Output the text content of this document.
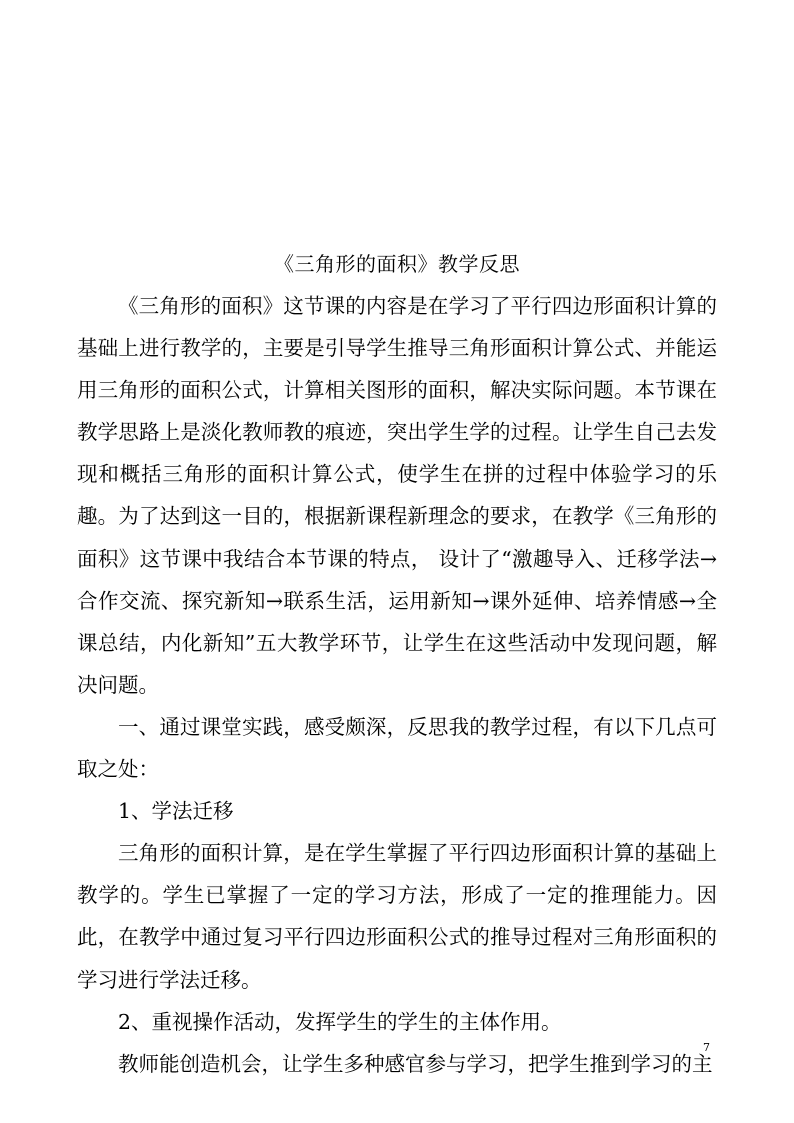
《三角形的面积》教学反思

《三角形的面积》这节课的内容是在学习了平行四边形面积计算的基础上进行教学的，主要是引导学生推导三角形面积计算公式、并能运用三角形的面积公式，计算相关图形的面积，解决实际问题。本节课在教学思路上是淡化教师教的痕迹，突出学生学的过程。让学生自己去发现和概括三角形的面积计算公式，使学生在拼的过程中体验学习的乐趣。为了达到这一目的，根据新课程新理念的要求，在教学《三角形的面积》这节课中我结合本节课的特点， 设计了“激趣导入、迁移学法→合作交流、探究新知→联系生活，运用新知→课外延伸、培养情感→全课总结，内化新知”五大教学环节，让学生在这些活动中发现问题，解决问题。

一、通过课堂实践，感受颇深，反思我的教学过程，有以下几点可取之处：

1、学法迁移

三角形的面积计算，是在学生掌握了平行四边形面积计算的基础上教学的。学生已掌握了一定的学习方法，形成了一定的推理能力。因此，在教学中通过复习平行四边形面积公式的推导过程对三角形面积的学习进行学法迁移。

2、重视操作活动，发挥学生的学生的主体作用。

教师能创造机会，让学生多种感官参与学习，把学生推到学习的主

7
